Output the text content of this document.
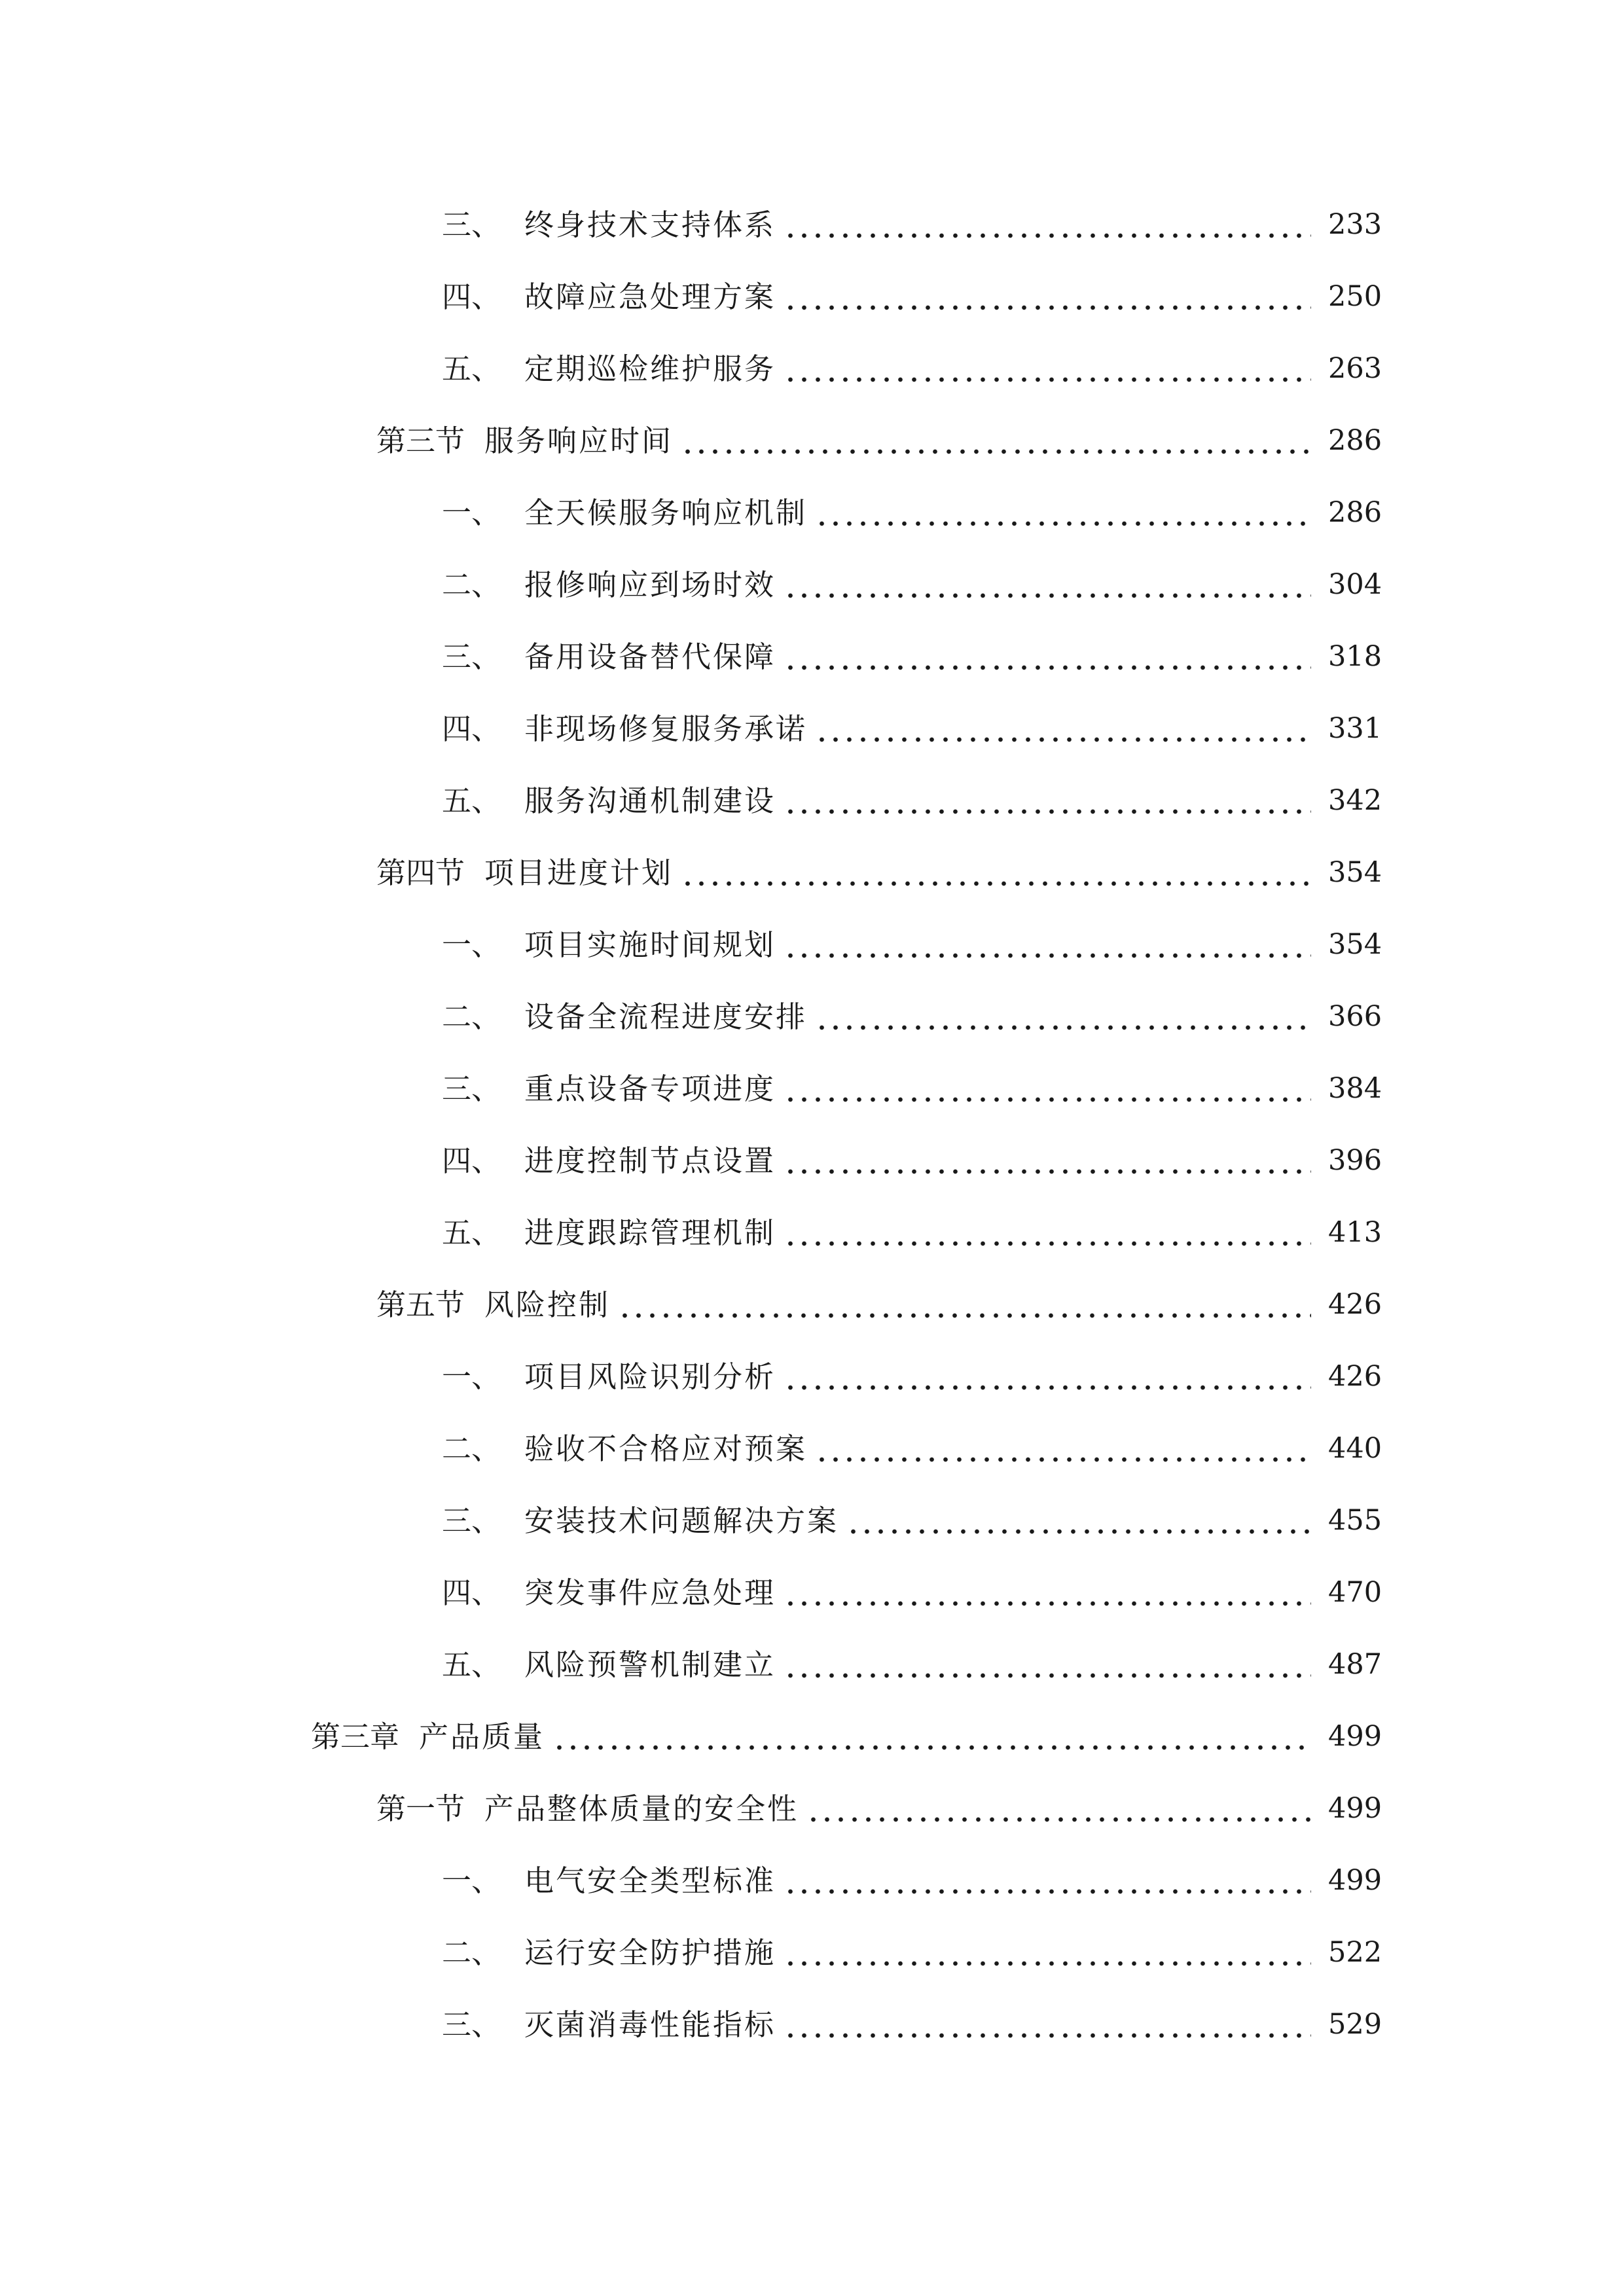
三、 终身技术支持体系	233
四、 故障应急处理方案	250
五、 定期巡检维护服务	263
第三节 服务响应时间	286
一、 全天候服务响应机制	286
二、 报修响应到场时效	304
三、 备用设备替代保障	318
四、 非现场修复服务承诺	331
五、 服务沟通机制建设	342
第四节 项目进度计划	354
一、 项目实施时间规划	354
二、 设备全流程进度安排	366
三、 重点设备专项进度	384
四、 进度控制节点设置	396
五、 进度跟踪管理机制	413
第五节 风险控制	426
一、 项目风险识别分析	426
二、 验收不合格应对预案	440
三、 安装技术问题解决方案	455
四、 突发事件应急处理	470
五、 风险预警机制建立	487
第三章 产品质量	499
第一节 产品整体质量的安全性	499
一、 电气安全类型标准	499
二、 运行安全防护措施	522
三、 灭菌消毒性能指标	529
